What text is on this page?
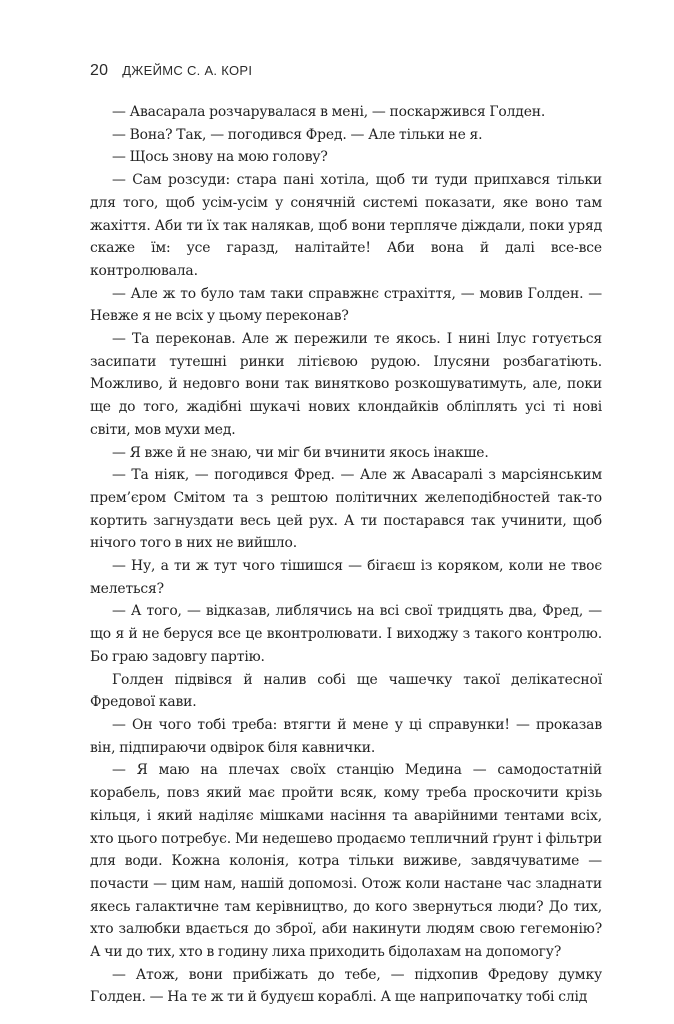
20 ДЖЕЙМС С. А. КОРІ

— Авасарала розчарувалася в мені, — поскаржився Голден.

— Вона? Так, — погодився Фред. — Але тільки не я.

— Щось знову на мою голову?

— Сам розсуди: стара пані хотіла, щоб ти туди припхався тільки для того, щоб усім-усім у сонячній системі показати, яке воно там жахіття. Аби ти їх так налякав, щоб вони терпляче діждали, поки уряд скаже їм: усе гаразд, налітайте! Аби вона й далі все-все контролювала.

— Але ж то було там таки справжнє страхіття, — мовив Голден. — Невже я не всіх у цьому переконав?

— Та переконав. Але ж пережили те якось. І нині Ілус готується засипати тутешні ринки літієвою рудою. Ілусяни розбагатіють. Можливо, й недовго вони так винятково розкошуватимуть, але, поки ще до того, жадібні шукачі нових клондайків обліплять усі ті нові світи, мов мухи мед.

— Я вже й не знаю, чи міг би вчинити якось інакше.

— Та ніяк, — погодився Фред. — Але ж Авасаралі з марсіянським прем’єром Смітом та з рештою політичних желеподібностей так-то кортить загнуздати весь цей рух. А ти постарався так учинити, щоб нічого того в них не вийшло.

— Ну, а ти ж тут чого тішишся — бігаєш із коряком, коли не твоє мелеться?

— А того, — відказав, либлячись на всі свої тридцять два, Фред, — що я й не беруся все це вконтролювати. І виходжу з такого контролю. Бо граю задовгу партію.

Голден підвівся й налив собі ще чашечку такої делікатесної Фредової кави.

— Он чого тобі треба: втягти й мене у ці справунки! — проказав він, підпираючи одвірок біля кавнички.

— Я маю на плечах своїх станцію Медина — самодостатній корабель, повз який має пройти всяк, кому треба проскочити крізь кільця, і який наділяє мішками насіння та аварійними тентами всіх, хто цього потребує. Ми недешево продаємо тепличний ґрунт і фільтри для води. Кожна колонія, котра тільки виживе, завдячуватиме — почасти — цим нам, нашій допомозі. Отож коли настане час зладнати якесь галактичне там керівництво, до кого звернуться люди? До тих, хто залюбки вдається до зброї, аби накинути людям свою гегемонію? А чи до тих, хто в годину лиха приходить бідолахам на допомогу?

— Атож, вони прибіжать до тебе, — підхопив Фредову думку Голден. — На те ж ти й будуєш кораблі. А ще наприпочатку тобі слід
